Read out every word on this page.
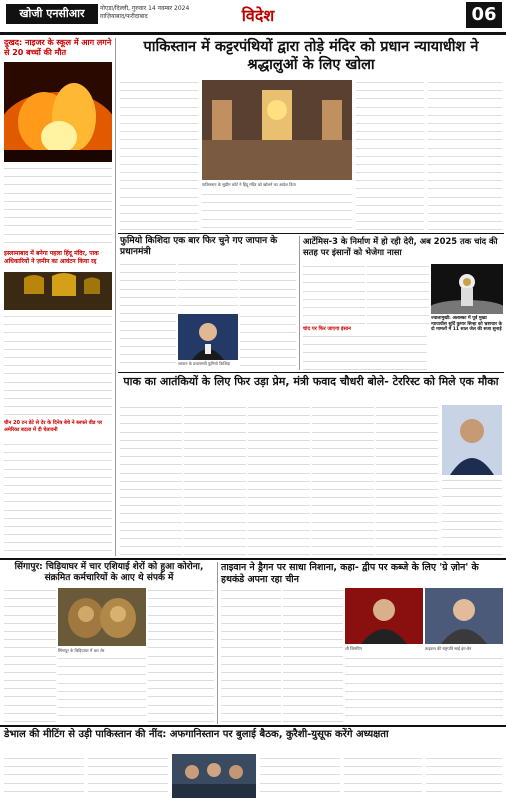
खोजी एनसीआर	नोएडा/दिल्ली, गुरुवार 14 नवम्बर 2024
ग़ाज़ियाबाद/फरीदाबाद	विदेश	06
दुखद: नाइजर के स्कूल में आग लगने से 20 बच्चों की मौत
इस्लामाबाद में बनेगा पहला हिंदू मंदिर, पाक अधिकारियों ने ज़मीन का आवंटन किया रद्द
चीन 20 टन डेटे से देर के दिनेत्र बेचे ने ब्लफ्ते वीड पर अमेरिका बदला में दी चेतावनी
पाकिस्तान में कट्टरपंथियों द्वारा तोड़े मंदिर को प्रधान न्यायाधीश ने श्रद्धालुओं के लिए खोला
पाकिस्तान के सुप्रीम कोर्ट ने हिंदू मंदिर को खोलने का आदेश दिया
फुमियो किशिदा एक बार फिर चुने गए जापान के प्रधानमंत्री
जापान के प्रधानमंत्री फुमियो किशिदा
आर्टेमिस-3 के निर्माण में हो रही देरी, अब 2025 तक चांद की सतह पर इंसानों को भेजेगा नासा
चांद पर फिर जाएगा इंसान
ज्वालामुखी: अलास्का में पूर्व मुख्य न्यायाधीश सुर्दि कुमार सिन्हा को भ्रष्टाचार के दो मामलों में 11 साल जेल की सजा सुनाई
पाक का आतंकियों के लिए फिर उड़ा प्रेम, मंत्री फवाद चौधरी बोले- टेररिस्ट को मिले एक मौका
सिंगापुर: चिड़ियाघर में चार एशियाई शेरों को हुआ कोरोना, संक्रमित कर्मचारियों के आए थे संपर्क में
सिंगापुर के चिड़ियाघर में चार शेर
ताइवान ने ड्रैगन पर साधा निशाना, कहा- द्वीप पर कब्जे के लिए 'ग्रे ज़ोन' के हथकंडे अपना रहा चीन
शी जिनपिंग	ताइवान की राष्ट्रपति साई इंग-वेन
डेभाल की मीटिंग से उड़ी पाकिस्तान की नींद: अफगानिस्तान पर बुलाई बैठक, कुरैशी-युसूफ करेंगे अध्यक्षता
